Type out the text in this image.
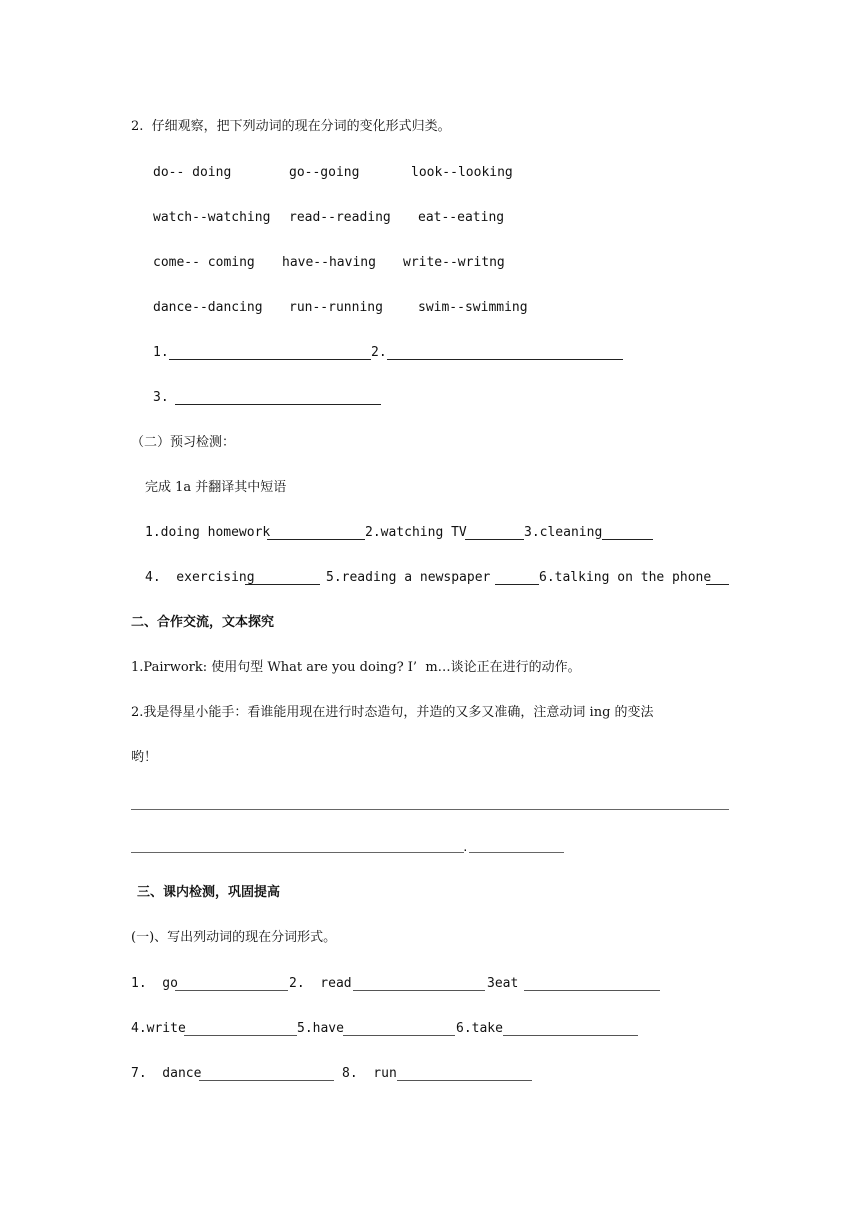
2.  仔细观察，把下列动词的现在分词的变化形式归类。
do-- doing	go--going	look--looking
watch--watching read--reading eat--eating
come-- coming have--having write--writng
dance--dancing run--running	swim--swimming
1.	2.
3.
（二）预习检测：
完成 1a 并翻译其中短语
1.doing homework	2.watching TV	3.cleaning
4.  exercising	5.reading a newspaper	6.talking on the phone
二、合作交流，文本探究
1.Pairwork: 使用句型 What are you doing? I’  m…谈论正在进行的动作。
2.我是得星小能手：看谁能用现在进行时态造句，并造的又多又准确，注意动词 ing 的变法
哟！
.
三、课内检测，巩固提高
(一)、写出列动词的现在分词形式。
1.  go	2.  read	3eat
4.write	5.have	6.take
7.  dance	8.  run
